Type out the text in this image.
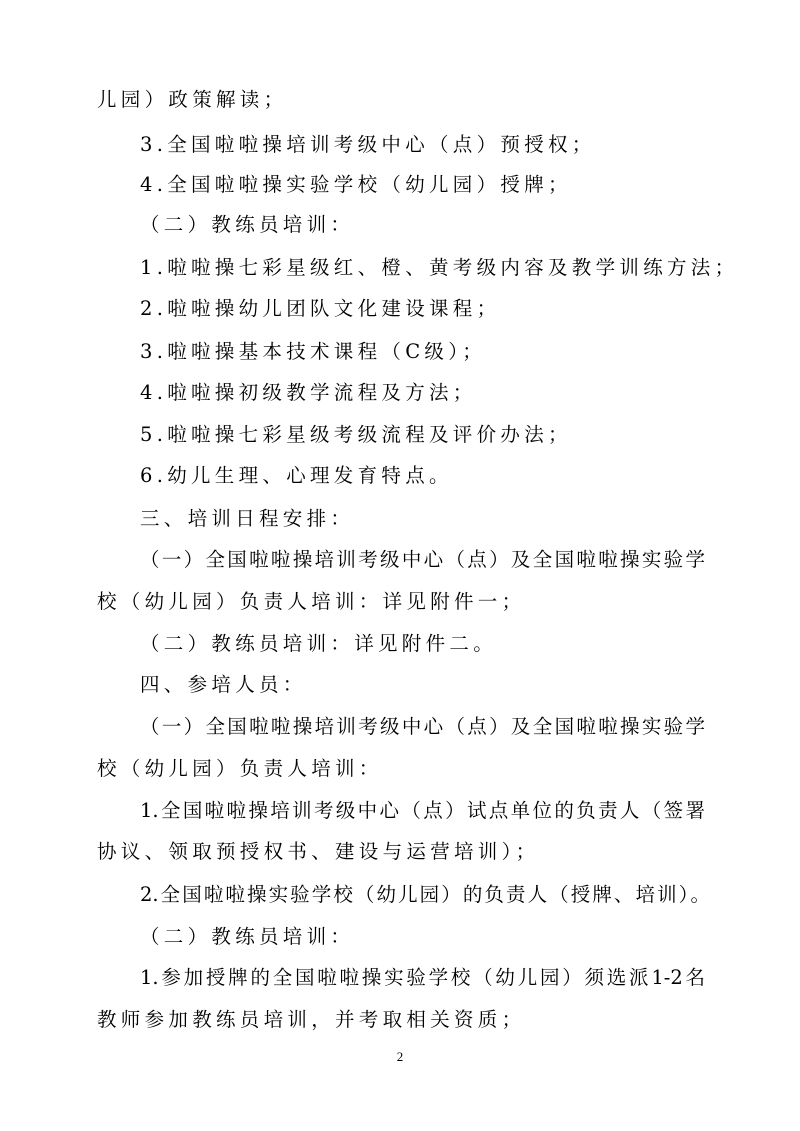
儿园）政策解读；
3.全国啦啦操培训考级中心（点）预授权；
4.全国啦啦操实验学校（幼儿园）授牌；
（二）教练员培训：
1.啦啦操七彩星级红、橙、黄考级内容及教学训练方法；
2.啦啦操幼儿团队文化建设课程；
3.啦啦操基本技术课程（C级）；
4.啦啦操初级教学流程及方法；
5.啦啦操七彩星级考级流程及评价办法；
6.幼儿生理、心理发育特点。
三、培训日程安排：
（一）全国啦啦操培训考级中心（点）及全国啦啦操实验学
校（幼儿园）负责人培训：详见附件一；
（二）教练员培训：详见附件二。
四、参培人员：
（一）全国啦啦操培训考级中心（点）及全国啦啦操实验学
校（幼儿园）负责人培训：
1.全国啦啦操培训考级中心（点）试点单位的负责人（签署
协议、领取预授权书、建设与运营培训）；
2.全国啦啦操实验学校（幼儿园）的负责人（授牌、培训）。
（二）教练员培训：
1.参加授牌的全国啦啦操实验学校（幼儿园）须选派1-2名
教师参加教练员培训，并考取相关资质；
2
